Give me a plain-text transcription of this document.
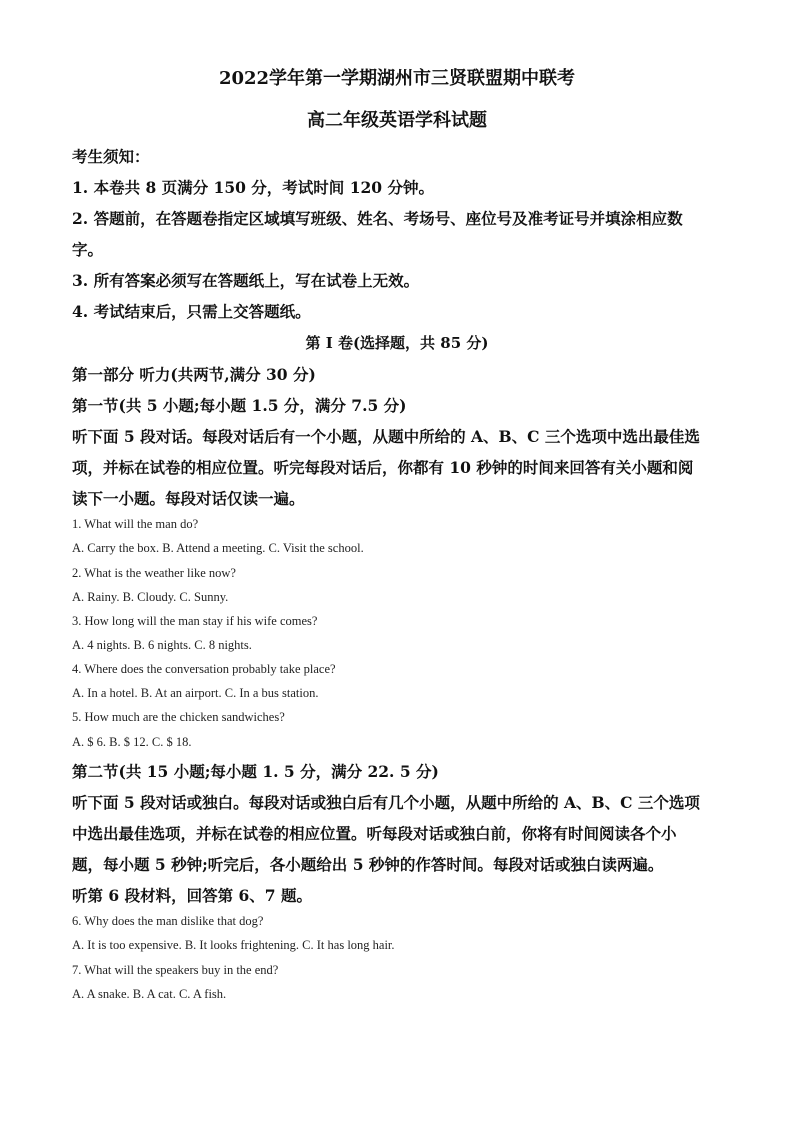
2022学年第一学期湖州市三贤联盟期中联考
高二年级英语学科试题
考生须知：
1. 本卷共 8 页满分 150 分，考试时间 120 分钟。
2. 答题前，在答题卷指定区域填写班级、姓名、考场号、座位号及准考证号并填涂相应数
字。
3. 所有答案必须写在答题纸上，写在试卷上无效。
4. 考试结束后，只需上交答题纸。
第 I 卷(选择题，共 85 分)
第一部分 听力(共两节,满分 30 分)
第一节(共 5 小题;每小题 1.5 分，满分 7.5 分)
听下面 5 段对话。每段对话后有一个小题，从题中所给的 A、B、C 三个选项中选出最佳选
项，并标在试卷的相应位置。听完每段对话后，你都有 10 秒钟的时间来回答有关小题和阅
读下一小题。每段对话仅读一遍。
1. What will the man do?
A. Carry the box. B. Attend a meeting. C. Visit the school.
2. What is the weather like now?
A. Rainy. B. Cloudy. C. Sunny.
3. How long will the man stay if his wife comes?
A. 4 nights. B. 6 nights. C. 8 nights.
4. Where does the conversation probably take place?
A. In a hotel. B. At an airport. C. In a bus station.
5. How much are the chicken sandwiches?
A. $ 6. B. $ 12. C. $ 18.
第二节(共 15 小题;每小题 1. 5 分，满分 22. 5 分)
听下面 5 段对话或独白。每段对话或独白后有几个小题，从题中所给的 A、B、C 三个选项
中选出最佳选项，并标在试卷的相应位置。听每段对话或独白前，你将有时间阅读各个小
题，每小题 5 秒钟;听完后，各小题给出 5 秒钟的作答时间。每段对话或独白读两遍。
听第 6 段材料，回答第 6、7 题。
6. Why does the man dislike that dog?
A. It is too expensive. B. It looks frightening. C. It has long hair.
7. What will the speakers buy in the end?
A. A snake. B. A cat. C. A fish.
